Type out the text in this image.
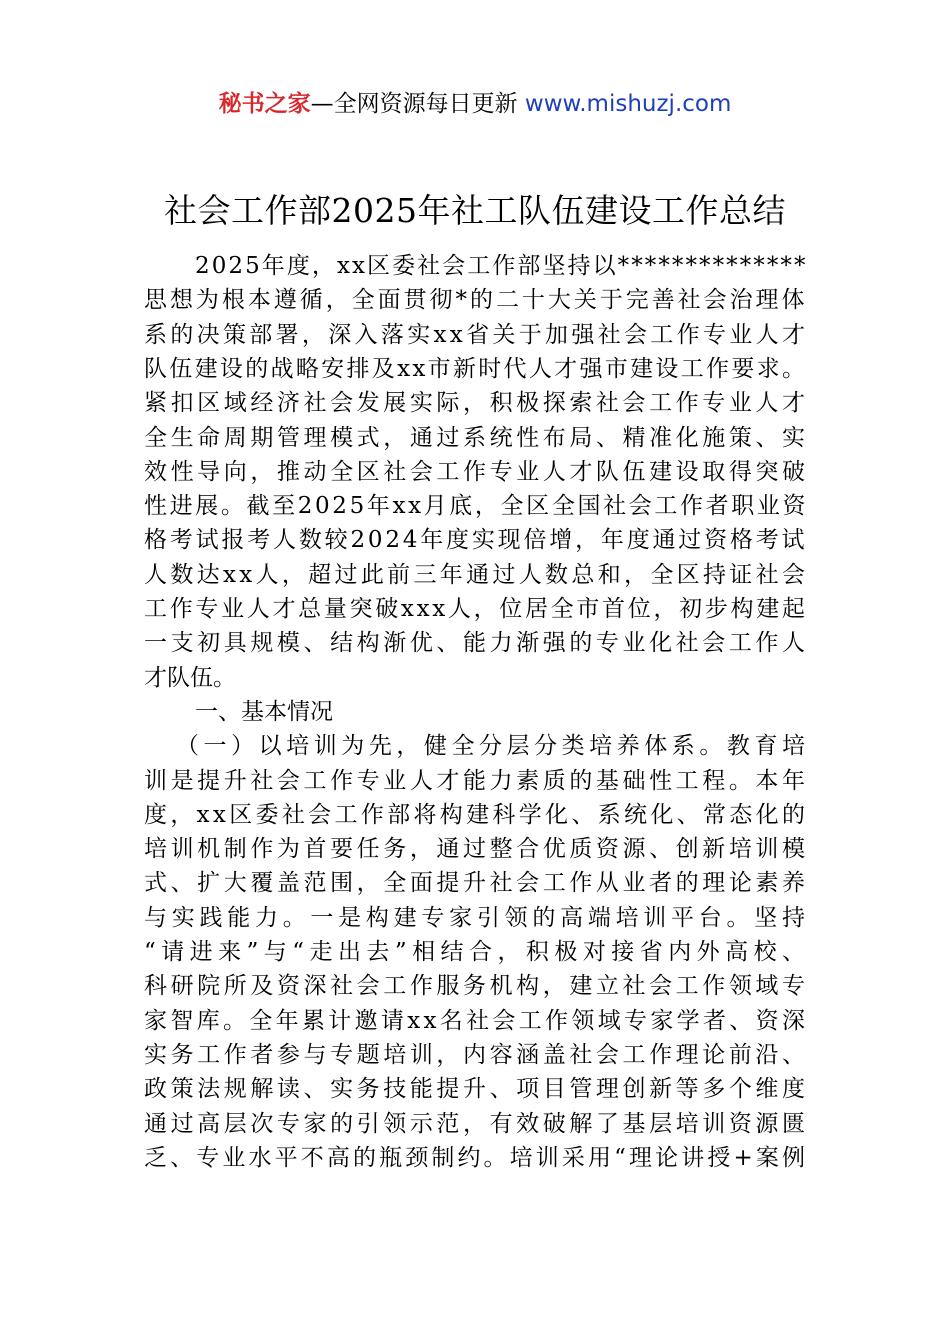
秘书之家—全网资源每日更新 www.mishuzj.com
社会工作部2025年社工队伍建设工作总结
2025年度，xx区委社会工作部坚持以**************
思想为根本遵循，全面贯彻*的二十大关于完善社会治理体
系的决策部署，深入落实xx省关于加强社会工作专业人才
队伍建设的战略安排及xx市新时代人才强市建设工作要求。
紧扣区域经济社会发展实际，积极探索社会工作专业人才
全生命周期管理模式，通过系统性布局、精准化施策、实
效性导向，推动全区社会工作专业人才队伍建设取得突破
性进展。截至2025年xx月底，全区全国社会工作者职业资
格考试报考人数较2024年度实现倍增，年度通过资格考试
人数达xx人，超过此前三年通过人数总和，全区持证社会
工作专业人才总量突破xxx人，位居全市首位，初步构建起
一支初具规模、结构渐优、能力渐强的专业化社会工作人
才队伍。
一、基本情况
（一）以培训为先，健全分层分类培养体系。教育培
训是提升社会工作专业人才能力素质的基础性工程。本年
度，xx区委社会工作部将构建科学化、系统化、常态化的
培训机制作为首要任务，通过整合优质资源、创新培训模
式、扩大覆盖范围，全面提升社会工作从业者的理论素养
与实践能力。一是构建专家引领的高端培训平台。坚持
“请进来”与“走出去”相结合，积极对接省内外高校、
科研院所及资深社会工作服务机构，建立社会工作领域专
家智库。全年累计邀请xx名社会工作领域专家学者、资深
实务工作者参与专题培训，内容涵盖社会工作理论前沿、
政策法规解读、实务技能提升、项目管理创新等多个维度
通过高层次专家的引领示范，有效破解了基层培训资源匮
乏、专业水平不高的瓶颈制约。培训采用“理论讲授+案例
